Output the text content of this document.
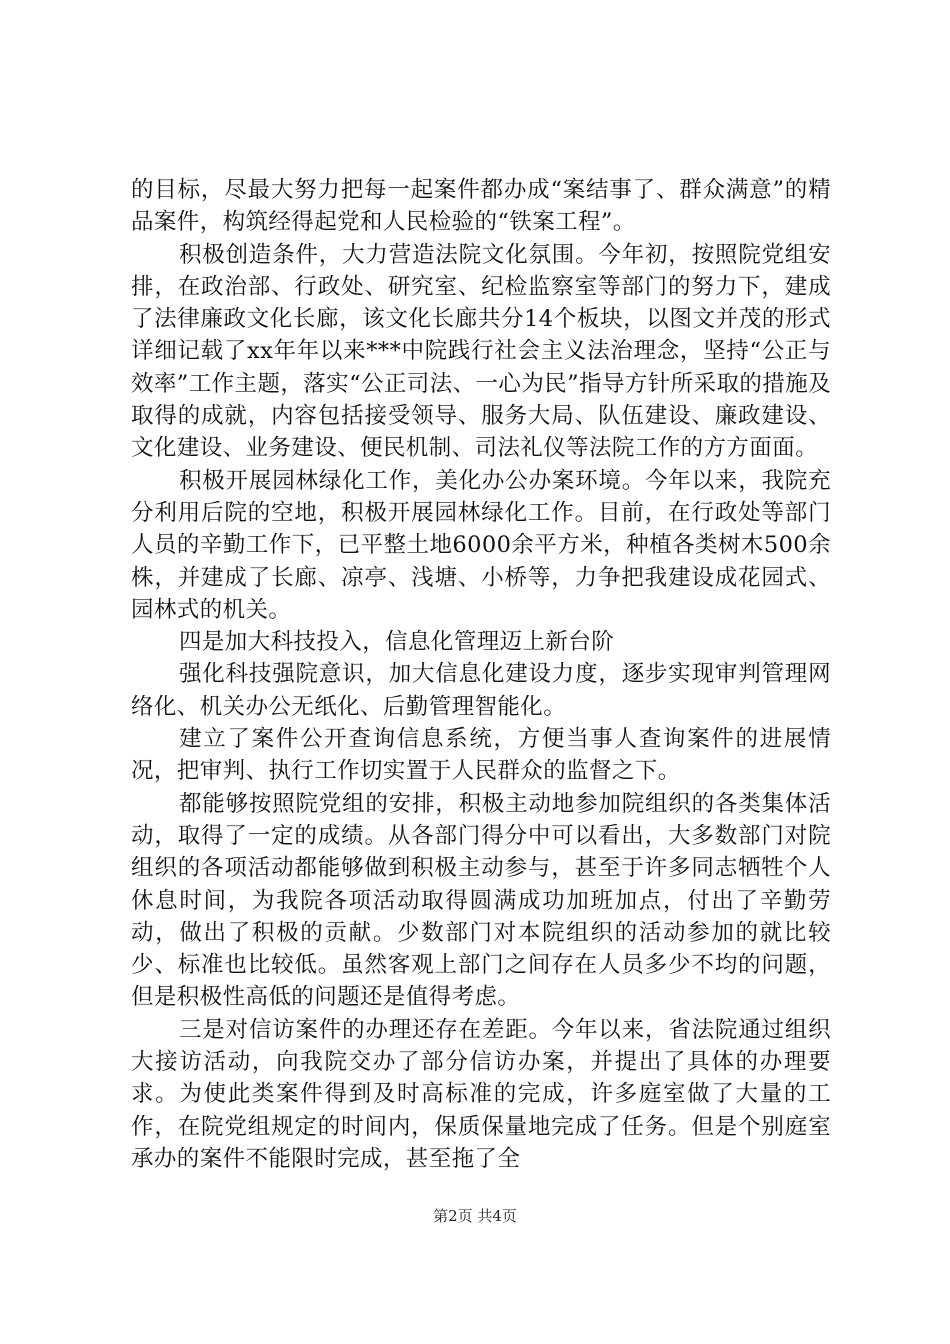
的目标，尽最大努力把每一起案件都办成“案结事了、群众满意”的精品案件，构筑经得起党和人民检验的“铁案工程”。

积极创造条件，大力营造法院文化氛围。今年初，按照院党组安排，在政治部、行政处、研究室、纪检监察室等部门的努力下，建成了法律廉政文化长廊，该文化长廊共分14个板块，以图文并茂的形式详细记载了xx年年以来***中院践行社会主义法治理念，坚持“公正与效率”工作主题，落实“公正司法、一心为民”指导方针所采取的措施及取得的成就，内容包括接受领导、服务大局、队伍建设、廉政建设、文化建设、业务建设、便民机制、司法礼仪等法院工作的方方面面。

积极开展园林绿化工作，美化办公办案环境。今年以来，我院充分利用后院的空地，积极开展园林绿化工作。目前，在行政处等部门人员的辛勤工作下，已平整土地6000余平方米，种植各类树木500余株，并建成了长廊、凉亭、浅塘、小桥等，力争把我建设成花园式、园林式的机关。

四是加大科技投入，信息化管理迈上新台阶

强化科技强院意识，加大信息化建设力度，逐步实现审判管理网络化、机关办公无纸化、后勤管理智能化。

建立了案件公开查询信息系统，方便当事人查询案件的进展情况，把审判、执行工作切实置于人民群众的监督之下。

都能够按照院党组的安排，积极主动地参加院组织的各类集体活动，取得了一定的成绩。从各部门得分中可以看出，大多数部门对院组织的各项活动都能够做到积极主动参与，甚至于许多同志牺牲个人休息时间，为我院各项活动取得圆满成功加班加点，付出了辛勤劳动，做出了积极的贡献。少数部门对本院组织的活动参加的就比较少、标准也比较低。虽然客观上部门之间存在人员多少不均的问题，但是积极性高低的问题还是值得考虑。

三是对信访案件的办理还存在差距。今年以来，省法院通过组织大接访活动，向我院交办了部分信访办案，并提出了具体的办理要求。为使此类案件得到及时高标准的完成，许多庭室做了大量的工作，在院党组规定的时间内，保质保量地完成了任务。但是个别庭室承办的案件不能限时完成，甚至拖了全

第2页 共4页
